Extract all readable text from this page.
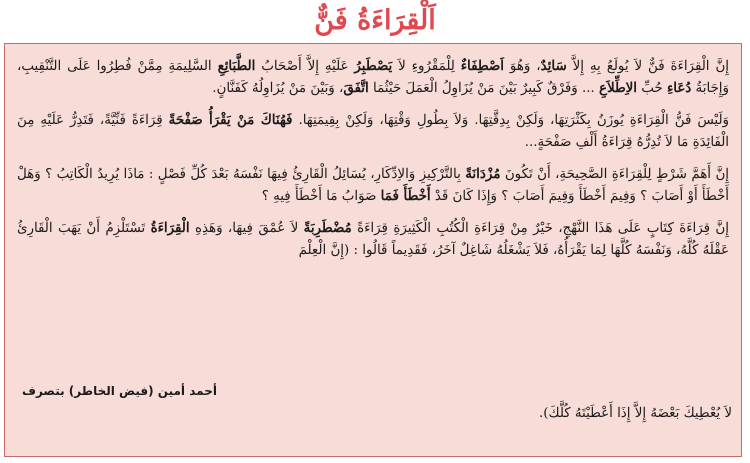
اَلْقِرَاءَةُ فَنٌّ

إِنَّ الْقِرَاءَةَ فَنٌّ لاَ يُولَعُ بِهِ إِلاَّ سَائِدٌ، وَهُوَ اَصْطِفَاءٌ لِلْمَقْرُوءِ لاَ يَصْطَبِرُ عَلَيْهِ إِلاَّ أَصْحَابُ الطَّبَائِعِ السَّلِيمَةِ مِمَّنْ فُطِرُوا عَلَى التَّنْقِيبِ، وَإِجَابَةُ دُعَاءِ حُبِّ الاِطِّلاَعِ ... وَفَرْقٌ كَبِيرٌ بَيْنَ مَنْ يُزَاوِلُ الْعَمَلَ حَيْثُمَا اتَّفَقَ، وَبَيْنَ مَنْ يُزَاوِلُهُ كَفَنَّانٍ.

وَلَيْسَ فَنُّ الْقِرَاءَةِ يُوزَنُ بِكَثْرَتِهَا، وَلَكِنْ بِدِقَّتِهَا. وَلاَ بِطُولِ وَقْتِهَا، وَلَكِنْ بِقِيمَتِهَا. فَهُنَاكَ مَنْ يَقْرَأُ صَفْحَةً قِرَاءَةً فَنِّيَّةً، فَتَدِرُّ عَلَيْهِ مِنَ الْفَائِدَةِ مَا لاَ تُدِرُّهُ قِرَاءَةُ أَلْفِ صَفْحَةٍ...

إِنَّ أَهَمَّ شَرْطٍ لِلْقِرَاءَةِ الصَّحِيحَةِ، أَنْ تَكُونَ مُزْدَانَةً بِالتَّرْكِيزِ وَالاِدِّكَارِ، يُسَائِلُ الْقَارِئُ فِيهَا نَفْسَهُ بَعْدَ كُلِّ فَصْلٍ : مَاذَا يُرِيدُ الْكَاتِبُ ؟ وَهَلْ أَخْطَأَ أَوْ أَصَابَ ؟ وَفِيمَ أَخْطَأَ وَفِيمَ أَصَابَ ؟ وَإِذَا كَانَ قَدْ أَخْطَأَ فَمَا صَوَابُ مَا أَخْطَأَ فِيهِ ؟

إِنَّ قِرَاءَةَ كِتَابٍ عَلَى هَذَا النَّهْجِ، خَيْرٌ مِنْ قِرَاءَةِ الْكُتُبِ الْكَثِيرَةِ قِرَاءَةً مُضْطَرِبَةً لاَ عُمْقَ فِيهَا، وَهَذِهِ الْقِرَاءَةُ تَسْتَلْزِمُ أَنْ يَهَبَ الْقَارِئُ عَقْلَهُ كُلَّهُ، وَنَفْسَهُ كُلَّهَا لِمَا يَقْرَأُهُ، فَلاَ يَشْغَلُهُ شَاغِلٌ آخَرُ، فَقَدِيماً قَالُوا : (إِنَّ الْعِلْمَ

لاَ يُعْطِيكَ بَعْضَهُ إِلاَّ إِذَا أَعْطَيْتَهُ كُلَّكَ).
أحمد أمين (فيض الخاطر) بتصرف
